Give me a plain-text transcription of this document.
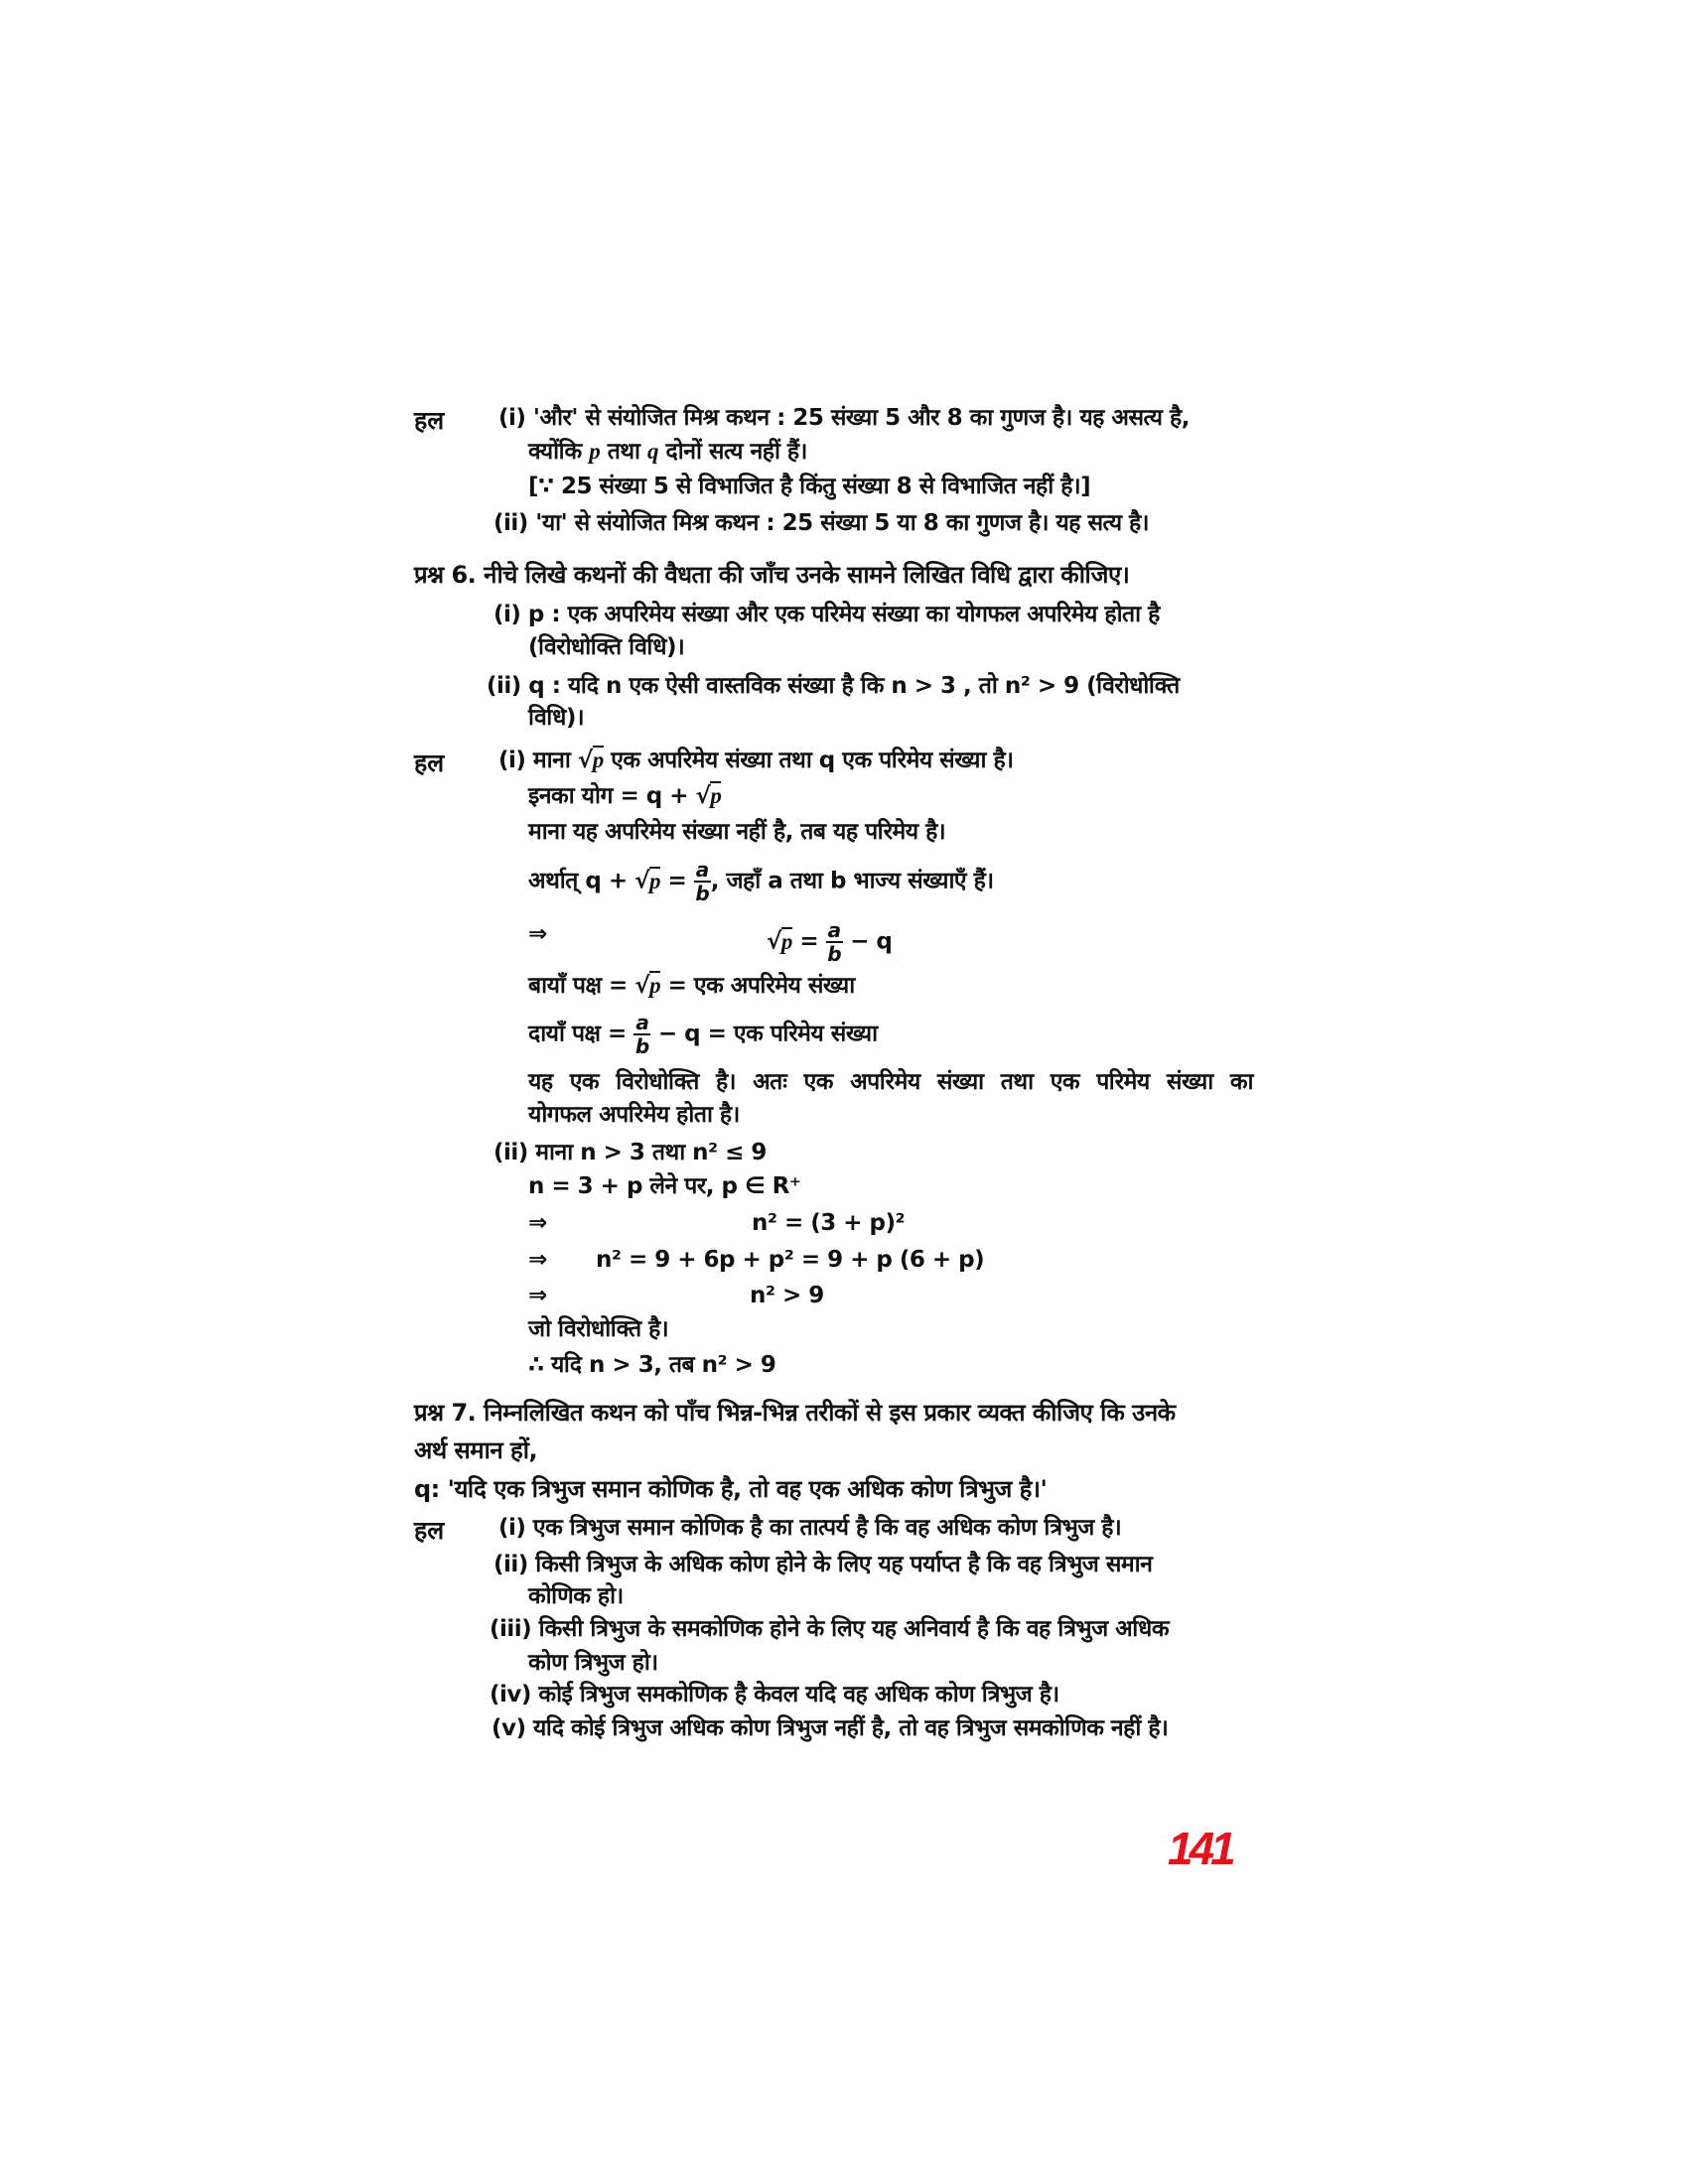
हल (i) 'और' से संयोजित मिश्र कथन : 25 संख्या 5 और 8 का गुणज है। यह असत्य है,
क्योंकि p तथा q दोनों सत्य नहीं हैं।
[∵ 25 संख्या 5 से विभाजित है किंतु संख्या 8 से विभाजित नहीं है।]
(ii) 'या' से संयोजित मिश्र कथन : 25 संख्या 5 या 8 का गुणज है। यह सत्य है।
प्रश्न 6. नीचे लिखे कथनों की वैधता की जाँच उनके सामने लिखित विधि द्वारा कीजिए।
(i) p : एक अपरिमेय संख्या और एक परिमेय संख्या का योगफल अपरिमेय होता है
(विरोधोक्ति विधि)।
(ii) q : यदि n एक ऐसी वास्तविक संख्या है कि n > 3 , तो n² > 9 (विरोधोक्ति
विधि)।
हल (i) माना √p एक अपरिमेय संख्या तथा q एक परिमेय संख्या है।
इनका योग = q + √p
माना यह अपरिमेय संख्या नहीं है, तब यह परिमेय है।
अर्थात् $q + √p = \frac{a}{b}$ , जहाँ a तथा b भाज्य संख्याएँ हैं।
⇒	$√p = \frac{a}{b} - q$
बायाँ पक्ष = √p = एक अपरिमेय संख्या
दायाँ पक्ष = $\frac{a}{b} - q$ = एक परिमेय संख्या
यह एक विरोधोक्ति है। अतः एक अपरिमेय संख्या तथा एक परिमेय संख्या का
योगफल अपरिमेय होता है।
(ii) माना n > 3 तथा n² ≤ 9
n = 3 + p लेने पर, p ∈ R⁺
⇒	n² = (3 + p)²
⇒ n² = 9 + 6p + p² = 9 + p (6 + p)
⇒	n² > 9
जो विरोधोक्ति है।
∴ यदि n > 3, तब n² > 9
प्रश्न 7. निम्नलिखित कथन को पाँच भिन्न-भिन्न तरीकों से इस प्रकार व्यक्त कीजिए कि उनके
अर्थ समान हों,
q: 'यदि एक त्रिभुज समान कोणिक है, तो वह एक अधिक कोण त्रिभुज है।'
हल (i) एक त्रिभुज समान कोणिक है का तात्पर्य है कि वह अधिक कोण त्रिभुज है।
(ii) किसी त्रिभुज के अधिक कोण होने के लिए यह पर्याप्त है कि वह त्रिभुज समान
कोणिक हो।
(iii) किसी त्रिभुज के समकोणिक होने के लिए यह अनिवार्य है कि वह त्रिभुज अधिक
कोण त्रिभुज हो।
(iv) कोई त्रिभुज समकोणिक है केवल यदि वह अधिक कोण त्रिभुज है।
(v) यदि कोई त्रिभुज अधिक कोण त्रिभुज नहीं है, तो वह त्रिभुज समकोणिक नहीं है।
141
